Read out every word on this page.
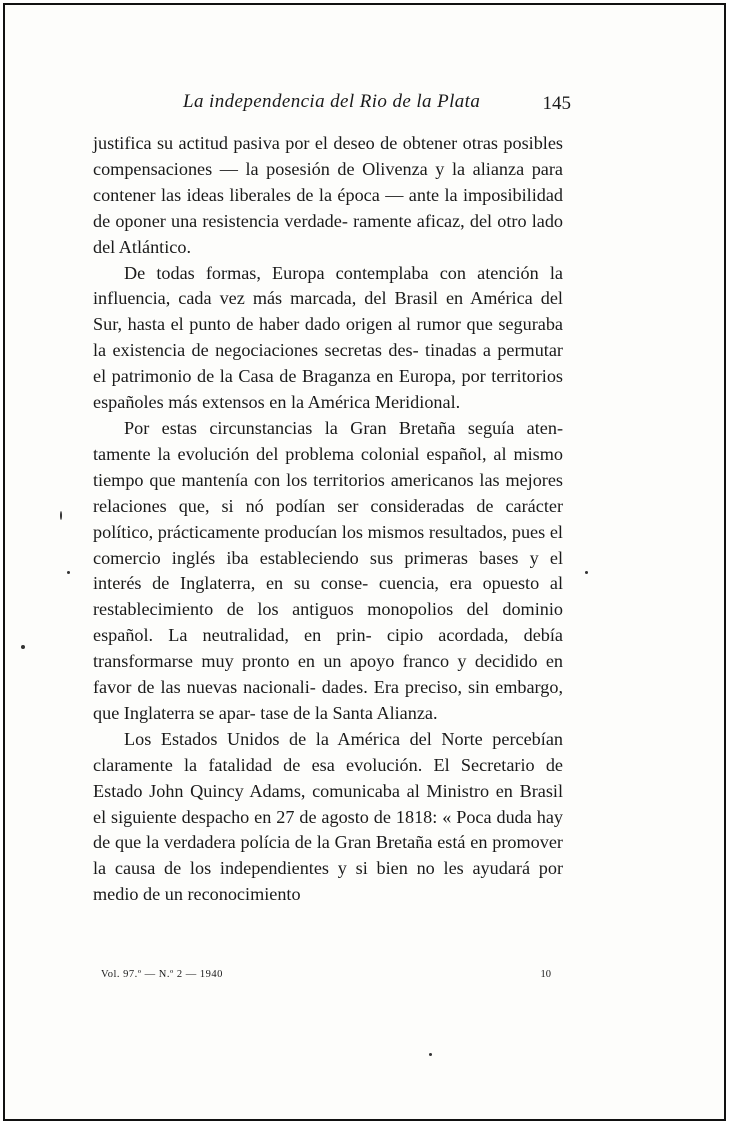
La independencia del Rio de la Plata	145

justifica su actitud pasiva por el deseo de obtener otras posibles compensaciones — la posesión de Olivenza y la alianza para contener las ideas liberales de la época — ante la imposibilidad de oponer una resistencia verdade- ramente aficaz, del otro lado del Atlántico.

De todas formas, Europa contemplaba con atención la influencia, cada vez más marcada, del Brasil en América del Sur, hasta el punto de haber dado origen al rumor que seguraba la existencia de negociaciones secretas des- tinadas a permutar el patrimonio de la Casa de Braganza en Europa, por territorios españoles más extensos en la América Meridional.

Por estas circunstancias la Gran Bretaña seguía aten- tamente la evolución del problema colonial español, al mismo tiempo que mantenía con los territorios americanos las mejores relaciones que, si nó podían ser consideradas de carácter político, prácticamente producían los mismos resultados, pues el comercio inglés iba estableciendo sus primeras bases y el interés de Inglaterra, en su conse- cuencia, era opuesto al restablecimiento de los antiguos monopolios del dominio español. La neutralidad, en prin- cipio acordada, debía transformarse muy pronto en un apoyo franco y decidido en favor de las nuevas nacionali- dades. Era preciso, sin embargo, que Inglaterra se apar- tase de la Santa Alianza.

Los Estados Unidos de la América del Norte percebían claramente la fatalidad de esa evolución. El Secretario de Estado John Quincy Adams, comunicaba al Ministro en Brasil el siguiente despacho en 27 de agosto de 1818: « Poca duda hay de que la verdadera polícia de la Gran Bretaña está en promover la causa de los independientes y si bien no les ayudará por medio de un reconocimiento

Vol. 97.º — N.º 2 — 1940	10
